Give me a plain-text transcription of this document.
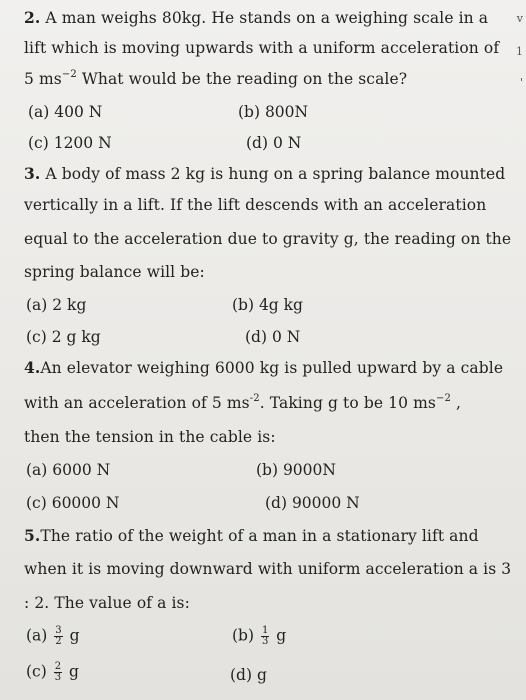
v
1
'
2. A man weighs 80kg. He stands on a weighing scale in a
lift which is moving upwards with a uniform acceleration of
5 $ms^{-2}$ What would be the reading on the scale?
(a) 400 N	(b) 800N
(c) 1200 N	(d) 0 N
3. A body of mass 2 kg is hung on a spring balance mounted
vertically in a lift. If the lift descends with an acceleration
equal to the acceleration due to gravity g, the reading on the
spring balance will be:
(a) 2 kg	(b) 4g kg
(c) 2 g kg	(d) 0 N
4.An elevator weighing 6000 kg is pulled upward by a cable
with an acceleration of 5 $ms^{-2}$. Taking g to be 10 $ms^{-2}$ ,
then the tension in the cable is:
(a) 6000 N	(b) 9000N
(c) 60000 N	(d) 90000 N
5.The ratio of the weight of a man in a stationary lift and
when it is moving downward with uniform acceleration a is 3
: 2. The value of a is:
$(a) \frac{3}{2}$ g	$(b) \frac{1}{3}$ g
$(c) \frac{2}{3}$ g	(d) g
